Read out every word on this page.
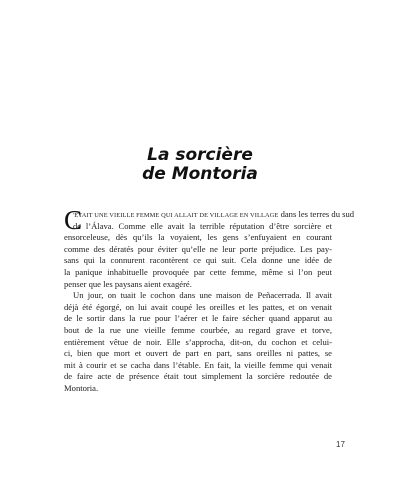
La sorcière
de Montoria
C
'ÉTAIT UNE VIEILLE FEMME QUI ALLAIT DE VILLAGE EN VILLAGE dans les terres du sud
de l’Álava. Comme elle avait la terrible réputation d’être sorcière et
ensorceleuse, dès qu’ils la voyaient, les gens s’enfuyaient en courant
comme des dératés pour éviter qu’elle ne leur porte préjudice. Les pay-
sans qui la connurent racontèrent ce qui suit. Cela donne une idée de
la panique inhabituelle provoquée par cette femme, même si l’on peut
penser que les paysans aient exagéré.
Un jour, on tuait le cochon dans une maison de Peñacerrada. Il avait
déjà été égorgé, on lui avait coupé les oreilles et les pattes, et on venait
de le sortir dans la rue pour l’aérer et le faire sécher quand apparut au
bout de la rue une vieille femme courbée, au regard grave et torve,
entièrement vêtue de noir. Elle s’approcha, dit-on, du cochon et celui-
ci, bien que mort et ouvert de part en part, sans oreilles ni pattes, se
mit à courir et se cacha dans l’étable. En fait, la vieille femme qui venait
de faire acte de présence était tout simplement la sorcière redoutée de
Montoria.
17
